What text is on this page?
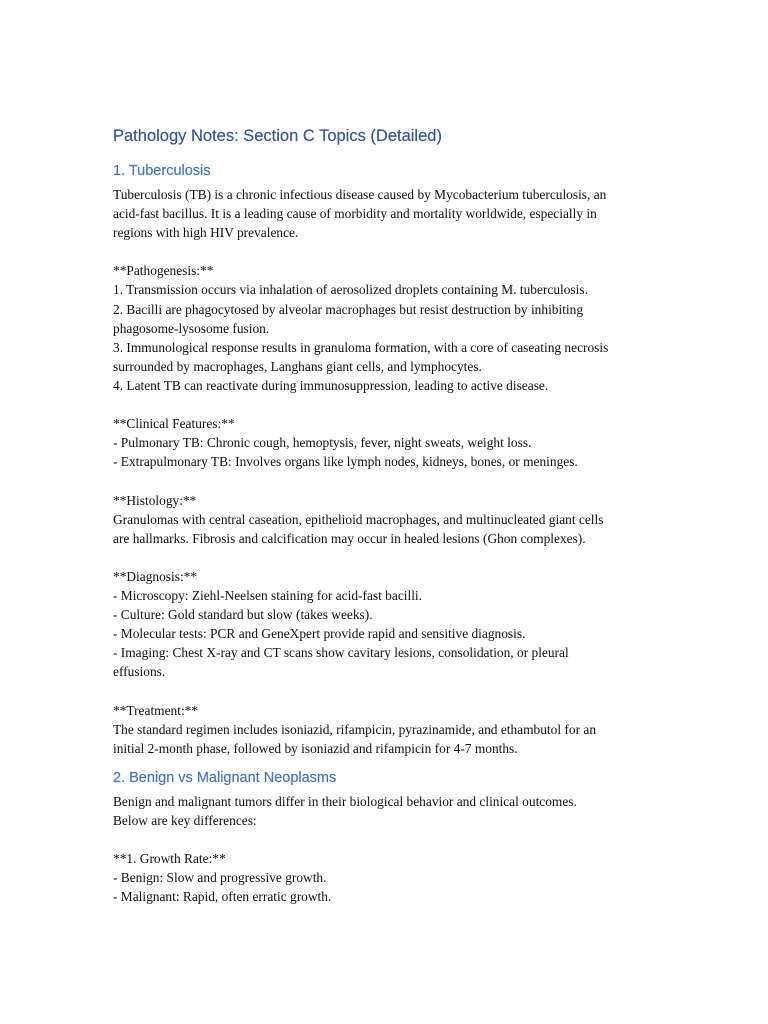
Pathology Notes: Section C Topics (Detailed)
1. Tuberculosis

Tuberculosis (TB) is a chronic infectious disease caused by Mycobacterium tuberculosis, an
acid-fast bacillus. It is a leading cause of morbidity and mortality worldwide, especially in
regions with high HIV prevalence.

**Pathogenesis:**
1. Transmission occurs via inhalation of aerosolized droplets containing M. tuberculosis.
2. Bacilli are phagocytosed by alveolar macrophages but resist destruction by inhibiting
phagosome-lysosome fusion.
3. Immunological response results in granuloma formation, with a core of caseating necrosis
surrounded by macrophages, Langhans giant cells, and lymphocytes.
4. Latent TB can reactivate during immunosuppression, leading to active disease.

**Clinical Features:**
- Pulmonary TB: Chronic cough, hemoptysis, fever, night sweats, weight loss.
- Extrapulmonary TB: Involves organs like lymph nodes, kidneys, bones, or meninges.

**Histology:**
Granulomas with central caseation, epithelioid macrophages, and multinucleated giant cells
are hallmarks. Fibrosis and calcification may occur in healed lesions (Ghon complexes).

**Diagnosis:**
- Microscopy: Ziehl-Neelsen staining for acid-fast bacilli.
- Culture: Gold standard but slow (takes weeks).
- Molecular tests: PCR and GeneXpert provide rapid and sensitive diagnosis.
- Imaging: Chest X-ray and CT scans show cavitary lesions, consolidation, or pleural
effusions.

**Treatment:**
The standard regimen includes isoniazid, rifampicin, pyrazinamide, and ethambutol for an
initial 2-month phase, followed by isoniazid and rifampicin for 4-7 months.

2. Benign vs Malignant Neoplasms

Benign and malignant tumors differ in their biological behavior and clinical outcomes.
Below are key differences:

**1. Growth Rate:**
- Benign: Slow and progressive growth.
- Malignant: Rapid, often erratic growth.
